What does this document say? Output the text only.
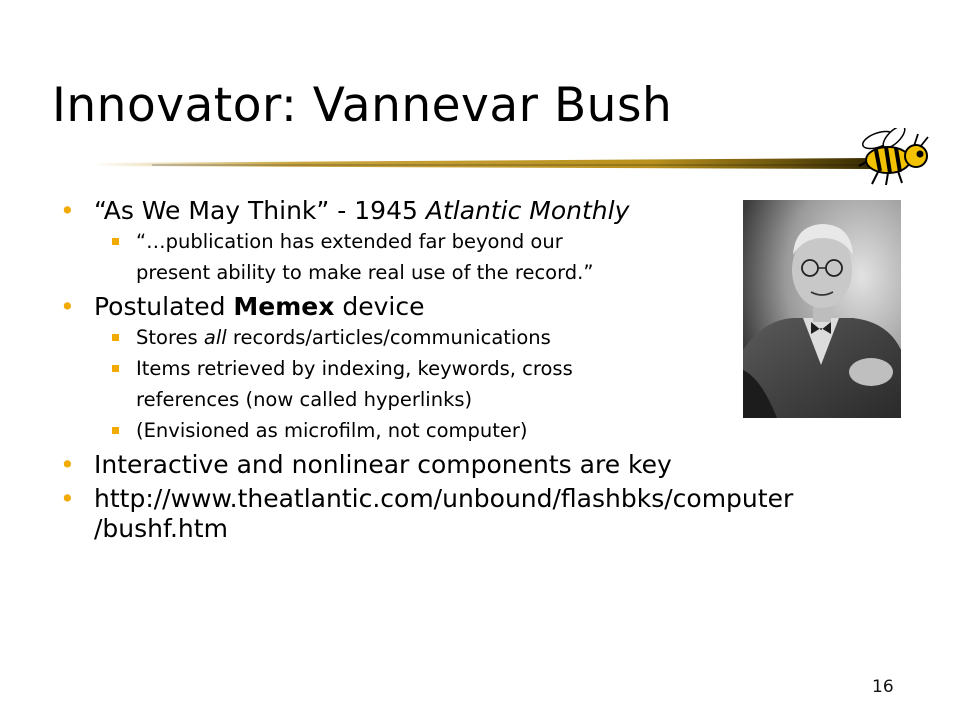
Innovator: Vannevar Bush

• “As We May Think” - 1945 Atlantic Monthly

“…publication has extended far beyond our

present ability to make real use of the record.”

• Postulated Memex device

Stores all records/articles/communications

Items retrieved by indexing, keywords, cross

references (now called hyperlinks)

(Envisioned as microfilm, not computer)

• Interactive and nonlinear components are key

• http://www.theatlantic.com/unbound/flashbks/computer
/bushf.htm

16
